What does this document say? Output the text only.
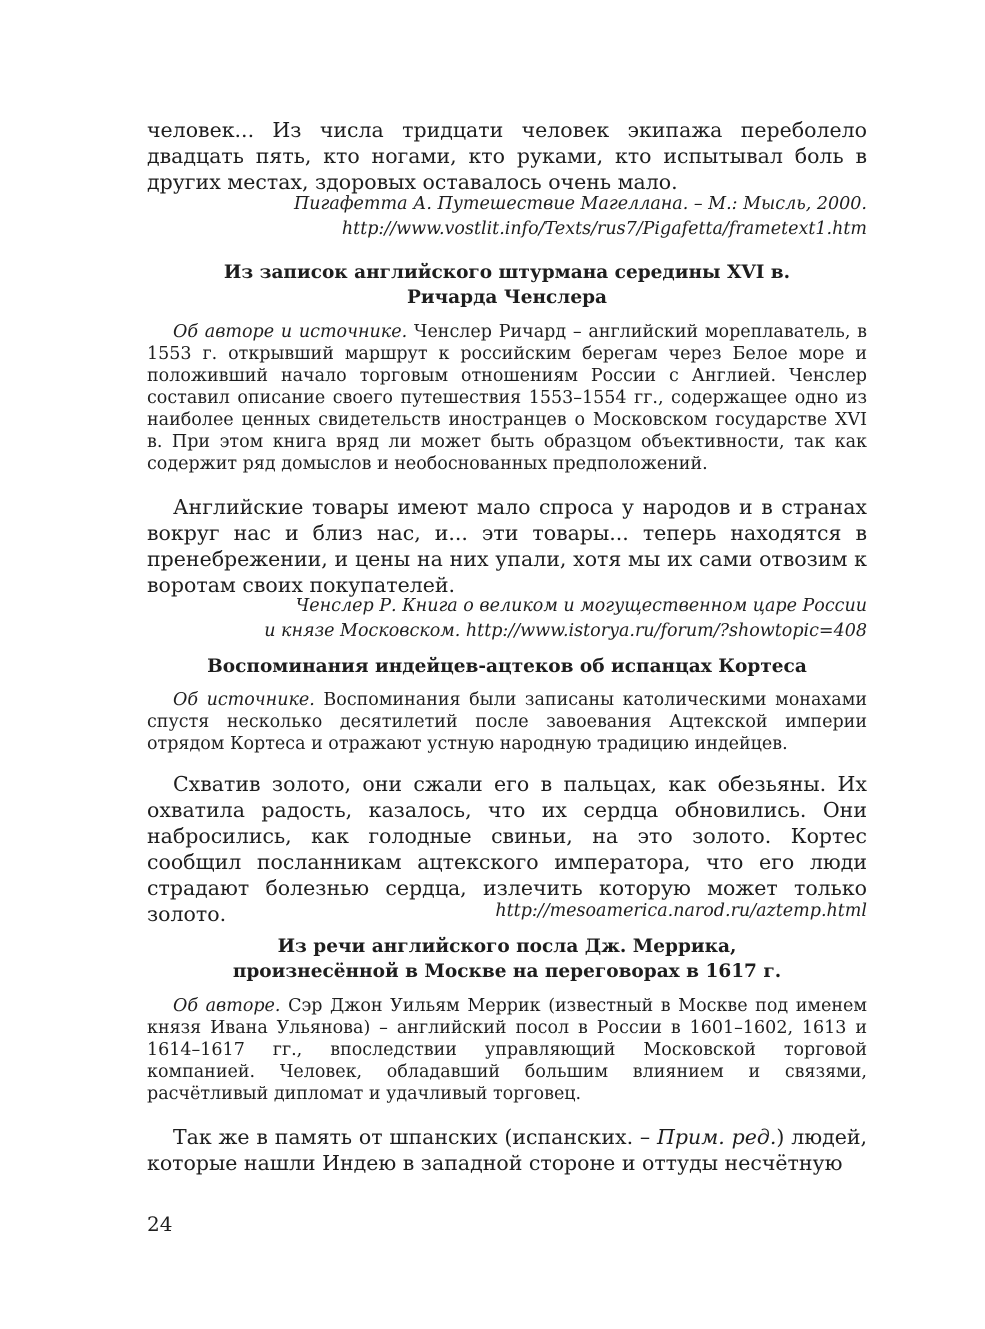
человек... Из числа тридцати человек экипажа переболело двадцать пять, кто ногами, кто руками, кто испытывал боль в других местах, здоровых оставалось очень мало.

Пигафетта А. Путешествие Магеллана. – М.: Мысль, 2000.

http://www.vostlit.info/Texts/rus7/Pigafetta/frametext1.htm

Из записок английского штурмана середины XVI в.

Ричарда Ченслера

Об авторе и источнике. Ченслер Ричард – английский мореплаватель, в 1553 г. открывший маршрут к российским берегам через Белое море и положивший начало торговым отношениям России с Англией. Ченслер составил описание своего путешествия 1553–1554 гг., содержащее одно из наиболее ценных свидетельств иностранцев о Московском государстве XVI в. При этом книга вряд ли может быть образцом объективности, так как содержит ряд домыслов и необоснованных предположений.

Английские товары имеют мало спроса у народов и в странах вокруг нас и близ нас, и... эти товары... теперь находятся в пренебрежении, и цены на них упали, хотя мы их сами отвозим к воротам своих покупателей.

Ченслер Р. Книга о великом и могущественном царе России

и князе Московском. http://www.istorya.ru/forum/?showtopic=408

Воспоминания индейцев-ацтеков об испанцах Кортеса

Об источнике. Воспоминания были записаны католическими монахами спустя несколько десятилетий после завоевания Ацтекской империи отрядом Кортеса и отражают устную народную традицию индейцев.

Схватив золото, они сжали его в пальцах, как обезьяны. Их охватила радость, казалось, что их сердца обновились. Они набросились, как голодные свиньи, на это золото. Кортес сообщил посланникам ацтекского императора, что его люди страдают болезнью сердца, излечить которую может только золото.	http://mesoamerica.narod.ru/aztemp.html

Из речи английского посла Дж. Меррика,

произнесённой в Москве на переговорах в 1617 г.

Об авторе. Сэр Джон Уильям Меррик (известный в Москве под именем князя Ивана Ульянова) – английский посол в России в 1601–1602, 1613 и 1614–1617 гг., впоследствии управляющий Московской торговой компанией. Человек, обладавший большим влиянием и связями, расчётливый дипломат и удачливый торговец.

Так же в память от шпанских (испанских. – Прим. ред.) людей, которые нашли Индею в западной стороне и оттуды несчётную

24
